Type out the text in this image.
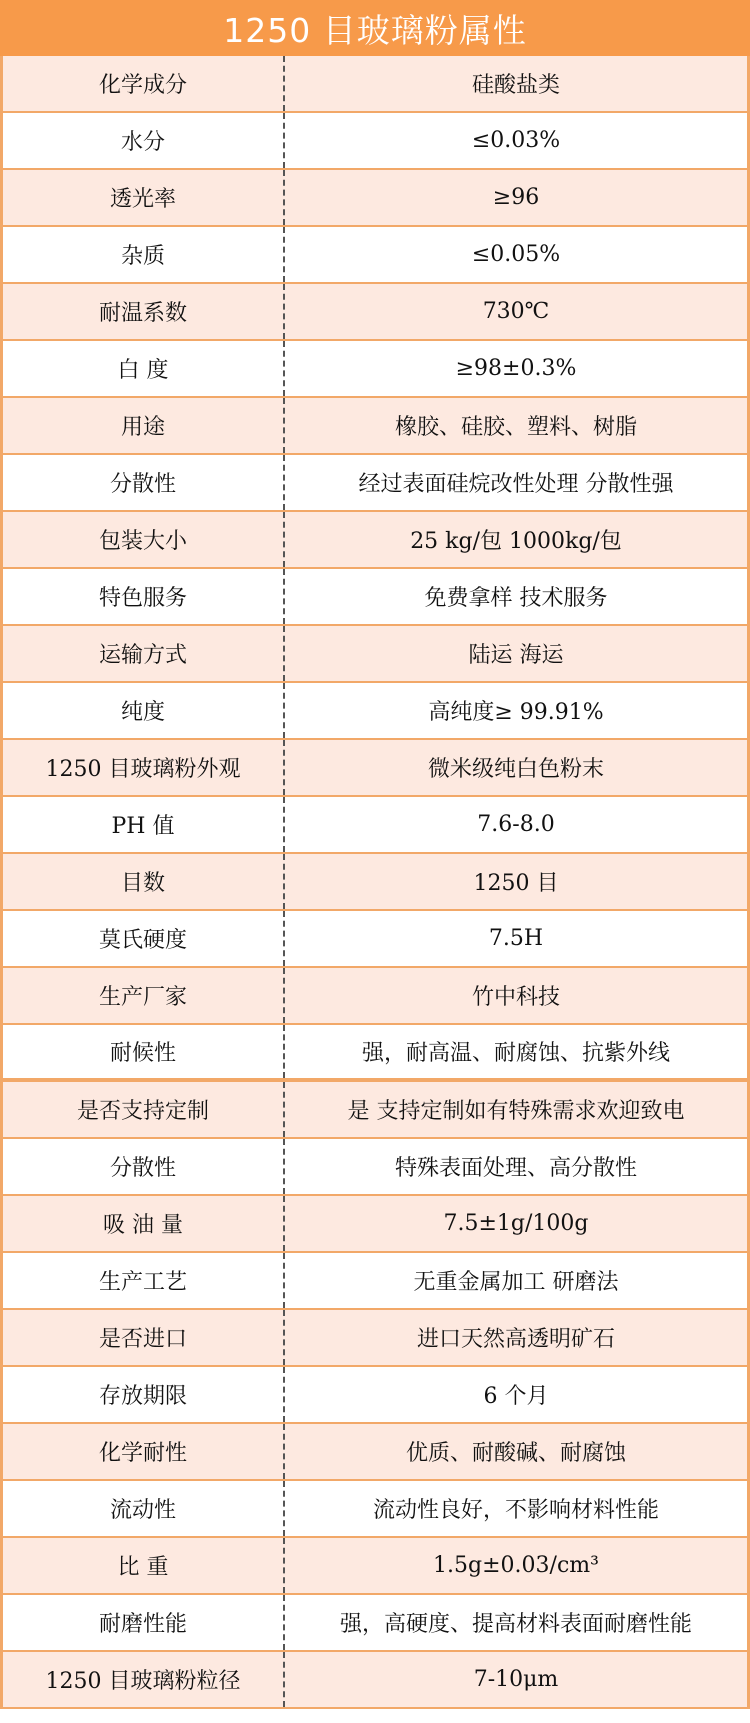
1250 目玻璃粉属性
化学成分	硅酸盐类
水分	≤0.03%
透光率	≥96
杂质	≤0.05%
耐温系数	730℃
白 度	≥98±0.3%
用途	橡胶、硅胶、塑料、树脂
分散性	经过表面硅烷改性处理 分散性强
包装大小	25 kg/包 1000kg/包
特色服务	免费拿样 技术服务
运输方式	陆运 海运
纯度	高纯度≥ 99.91%
1250 目玻璃粉外观	微米级纯白色粉末
PH 值	7.6-8.0
目数	1250 目
莫氏硬度	7.5H
生产厂家	竹中科技
耐候性	强，耐高温、耐腐蚀、抗紫外线
是否支持定制	是 支持定制如有特殊需求欢迎致电
分散性	特殊表面处理、高分散性
吸 油 量	7.5±1g/100g
生产工艺	无重金属加工 研磨法
是否进口	进口天然高透明矿石
存放期限	6 个月
化学耐性	优质、耐酸碱、耐腐蚀
流动性	流动性良好，不影响材料性能
比 重	1.5g±0.03/cm³
耐磨性能	强，高硬度、提高材料表面耐磨性能
1250 目玻璃粉粒径	7-10μm
